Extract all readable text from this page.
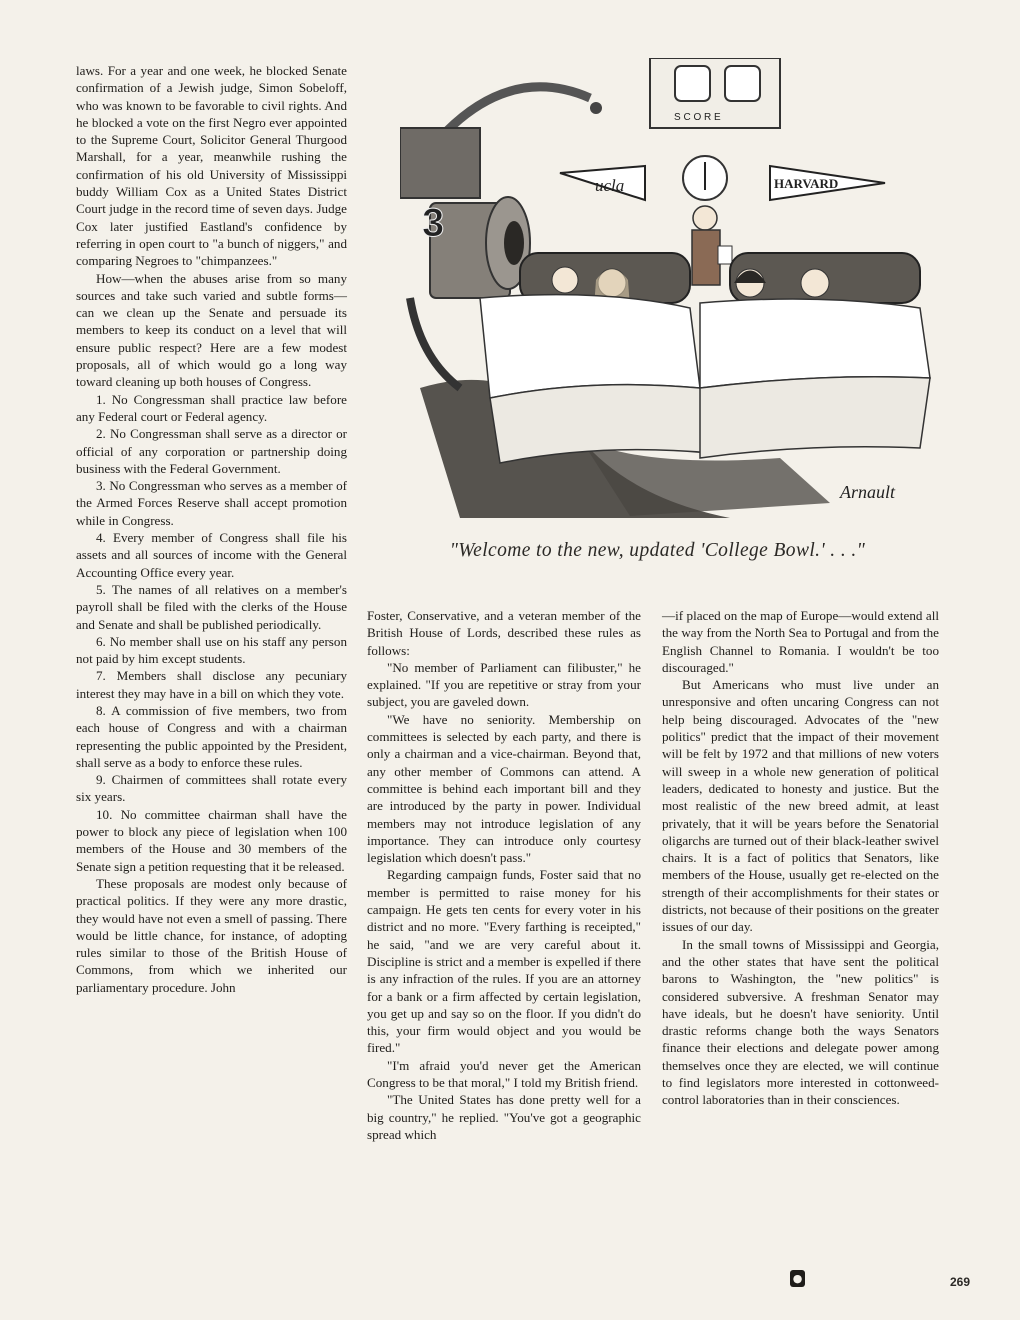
laws. For a year and one week, he blocked Senate confirmation of a Jewish judge, Simon Sobeloff, who was known to be favorable to civil rights. And he blocked a vote on the first Negro ever appointed to the Supreme Court, Solicitor General Thurgood Marshall, for a year, meanwhile rushing the confirmation of his old University of Mississippi buddy William Cox as a United States District Court judge in the record time of seven days. Judge Cox later justified Eastland's confidence by referring in open court to "a bunch of niggers," and comparing Negroes to "chimpanzees."

How—when the abuses arise from so many sources and take such varied and subtle forms—can we clean up the Senate and persuade its members to keep its conduct on a level that will ensure public respect? Here are a few modest proposals, all of which would go a long way toward cleaning up both houses of Congress.

1. No Congressman shall practice law before any Federal court or Federal agency.

2. No Congressman shall serve as a director or official of any corporation or partnership doing business with the Federal Government.

3. No Congressman who serves as a member of the Armed Forces Reserve shall accept promotion while in Congress.

4. Every member of Congress shall file his assets and all sources of income with the General Accounting Office every year.

5. The names of all relatives on a member's payroll shall be filed with the clerks of the House and Senate and shall be published periodically.

6. No member shall use on his staff any person not paid by him except students.

7. Members shall disclose any pecuniary interest they may have in a bill on which they vote.

8. A commission of five members, two from each house of Congress and with a chairman representing the public appointed by the President, shall serve as a body to enforce these rules.

9. Chairmen of committees shall rotate every six years.

10. No committee chairman shall have the power to block any piece of legislation when 100 members of the House and 30 members of the Senate sign a petition requesting that it be released.

These proposals are modest only because of practical politics. If they were any more drastic, they would have not even a smell of passing. There would be little chance, for instance, of adopting rules similar to those of the British House of Commons, from which we inherited our parliamentary procedure. John

Foster, Conservative, and a veteran member of the British House of Lords, described these rules as follows:

"No member of Parliament can filibuster," he explained. "If you are repetitive or stray from your subject, you are gaveled down.

"We have no seniority. Membership on committees is selected by each party, and there is only a chairman and a vice-chairman. Beyond that, any other member of Commons can attend. A committee is behind each important bill and they are introduced by the party in power. Individual members may not introduce legislation of any importance. They can introduce only courtesy legislation which doesn't pass."

Regarding campaign funds, Foster said that no member is permitted to raise money for his campaign. He gets ten cents for every voter in his district and no more. "Every farthing is receipted," he said, "and we are very careful about it. Discipline is strict and a member is expelled if there is any infraction of the rules. If you are an attorney for a bank or a firm affected by certain legislation, you get up and say so on the floor. If you didn't do this, your firm would object and you would be fired."

"I'm afraid you'd never get the American Congress to be that moral," I told my British friend.

"The United States has done pretty well for a big country," he replied. "You've got a geographic spread which

—if placed on the map of Europe—would extend all the way from the North Sea to Portugal and from the English Channel to Romania. I wouldn't be too discouraged."

But Americans who must live under an unresponsive and often uncaring Congress can not help being discouraged. Advocates of the "new politics" predict that the impact of their movement will be felt by 1972 and that millions of new voters will sweep in a whole new generation of political leaders, dedicated to honesty and justice. But the most realistic of the new breed admit, at least privately, that it will be years before the Senatorial oligarchs are turned out of their black-leather swivel chairs. It is a fact of politics that Senators, like members of the House, usually get re-elected on the strength of their accomplishments for their states or districts, not because of their positions on the greater issues of our day.

In the small towns of Mississippi and Georgia, and the other states that have sent the political barons to Washington, the "new politics" is considered subversive. A freshman Senator may have ideals, but he doesn't have seniority. Until drastic reforms change both the ways Senators finance their elections and delegate power among themselves once they are elected, we will continue to find legislators more interested in cottonweed-control laboratories than in their consciences.

3
S C O R E
ucla	HARVARD
Arnault
"Welcome to the new, updated 'College Bowl.' . . ."
●	269
